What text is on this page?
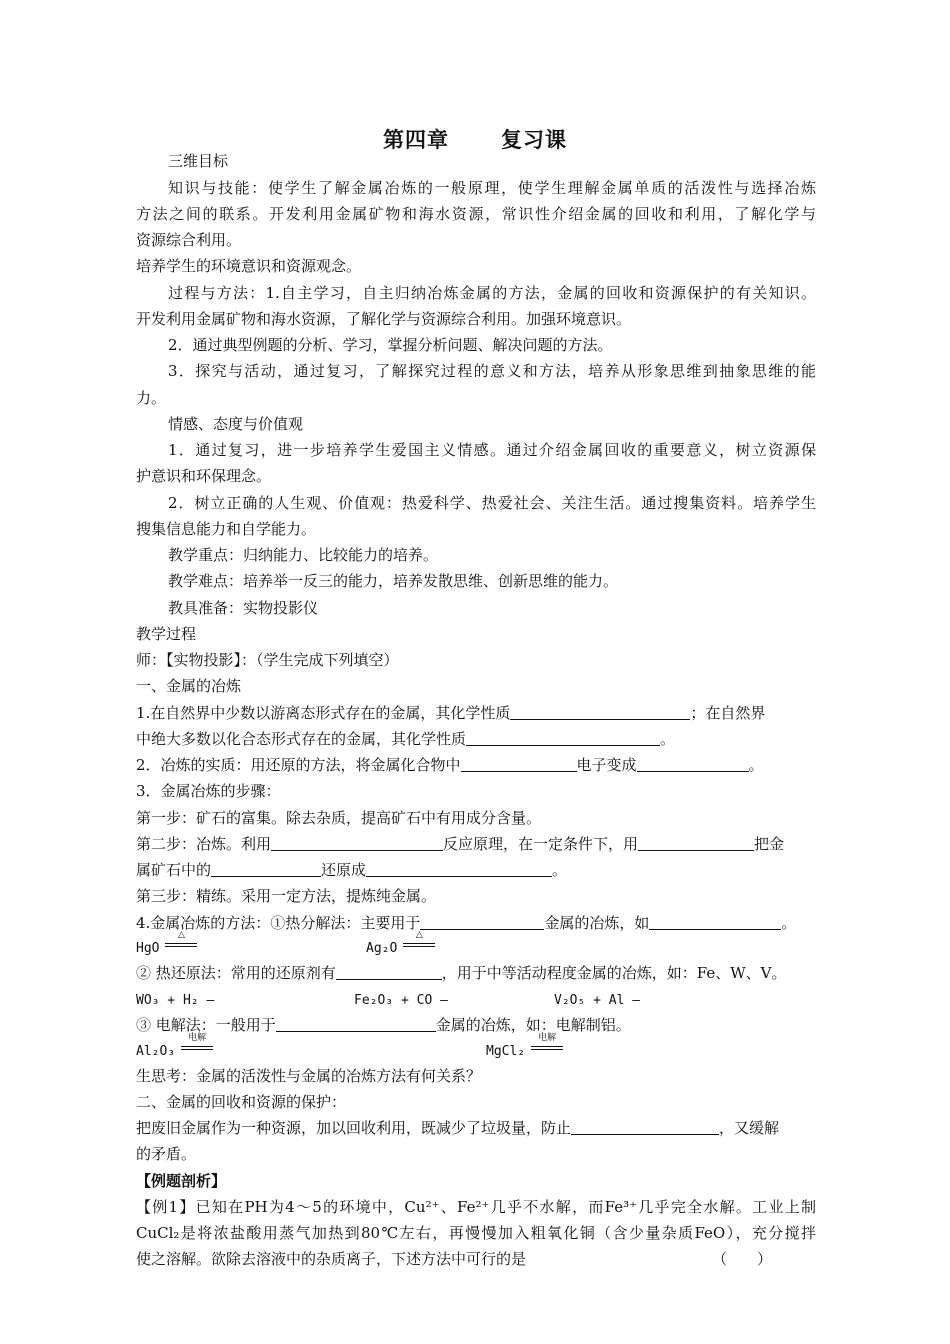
第四章 复习课
三维目标
知识与技能：使学生了解金属冶炼的一般原理，使学生理解金属单质的活泼性与选择冶炼
方法之间的联系。开发利用金属矿物和海水资源，常识性介绍金属的回收和利用，了解化学与
资源综合利用。
培养学生的环境意识和资源观念。
过程与方法：1.自主学习，自主归纳冶炼金属的方法，金属的回收和资源保护的有关知识。
开发利用金属矿物和海水资源，了解化学与资源综合利用。加强环境意识。
2．通过典型例题的分析、学习，掌握分析问题、解决问题的方法。
3．探究与活动，通过复习，了解探究过程的意义和方法，培养从形象思维到抽象思维的能
力。
情感、态度与价值观
1．通过复习，进一步培养学生爱国主义情感。通过介绍金属回收的重要意义，树立资源保
护意识和环保理念。
2．树立正确的人生观、价值观：热爱科学、热爱社会、关注生活。通过搜集资料。培养学生
搜集信息能力和自学能力。
教学重点：归纳能力、比较能力的培养。
教学难点：培养举一反三的能力，培养发散思维、创新思维的能力。
教具准备：实物投影仪
教学过程
师：【实物投影】：（学生完成下列填空）
一、金属的冶炼
1.在自然界中少数以游离态形式存在的金属，其化学性质	；在自然界
中绝大多数以化合态形式存在的金属，其化学性质	。
2．冶炼的实质：用还原的方法，将金属化合物中	电子变成	。
3．金属冶炼的步骤：
第一步：矿石的富集。除去杂质，提高矿石中有用成分含量。
第二步：冶炼。利用	反应原理，在一定条件下，用	把金
属矿石中的	还原成	。
第三步：精练。采用一定方法，提炼纯金属。
4.金属冶炼的方法：①热分解法：主要用于	金属的冶炼，如	。
HgO
△
Ag₂O
△
② 热还原法：常用的还原剂有	，用于中等活动程度金属的冶炼，如：Fe、W、V。
WO₃ + H₂ —	Fe₂O₃ + CO —	V₂O₅ + Al —
③ 电解法：一般用于	金属的冶炼，如：电解制铝。
Al₂O₃
电解
MgCl₂
电解
生思考：金属的活泼性与金属的冶炼方法有何关系？
二、金属的回收和资源的保护：
把废旧金属作为一种资源，加以回收利用，既减少了垃圾量，防止	，又缓解
的矛盾。
【例题剖析】
【例1】已知在PH为4～5的环境中，Cu²⁺、Fe²⁺几乎不水解，而Fe³⁺几乎完全水解。工业上制
CuCl₂是将浓盐酸用蒸气加热到80℃左右，再慢慢加入粗氧化铜（含少量杂质FeO），充分搅拌
使之溶解。欲除去溶液中的杂质离子，下述方法中可行的是	（　　）
